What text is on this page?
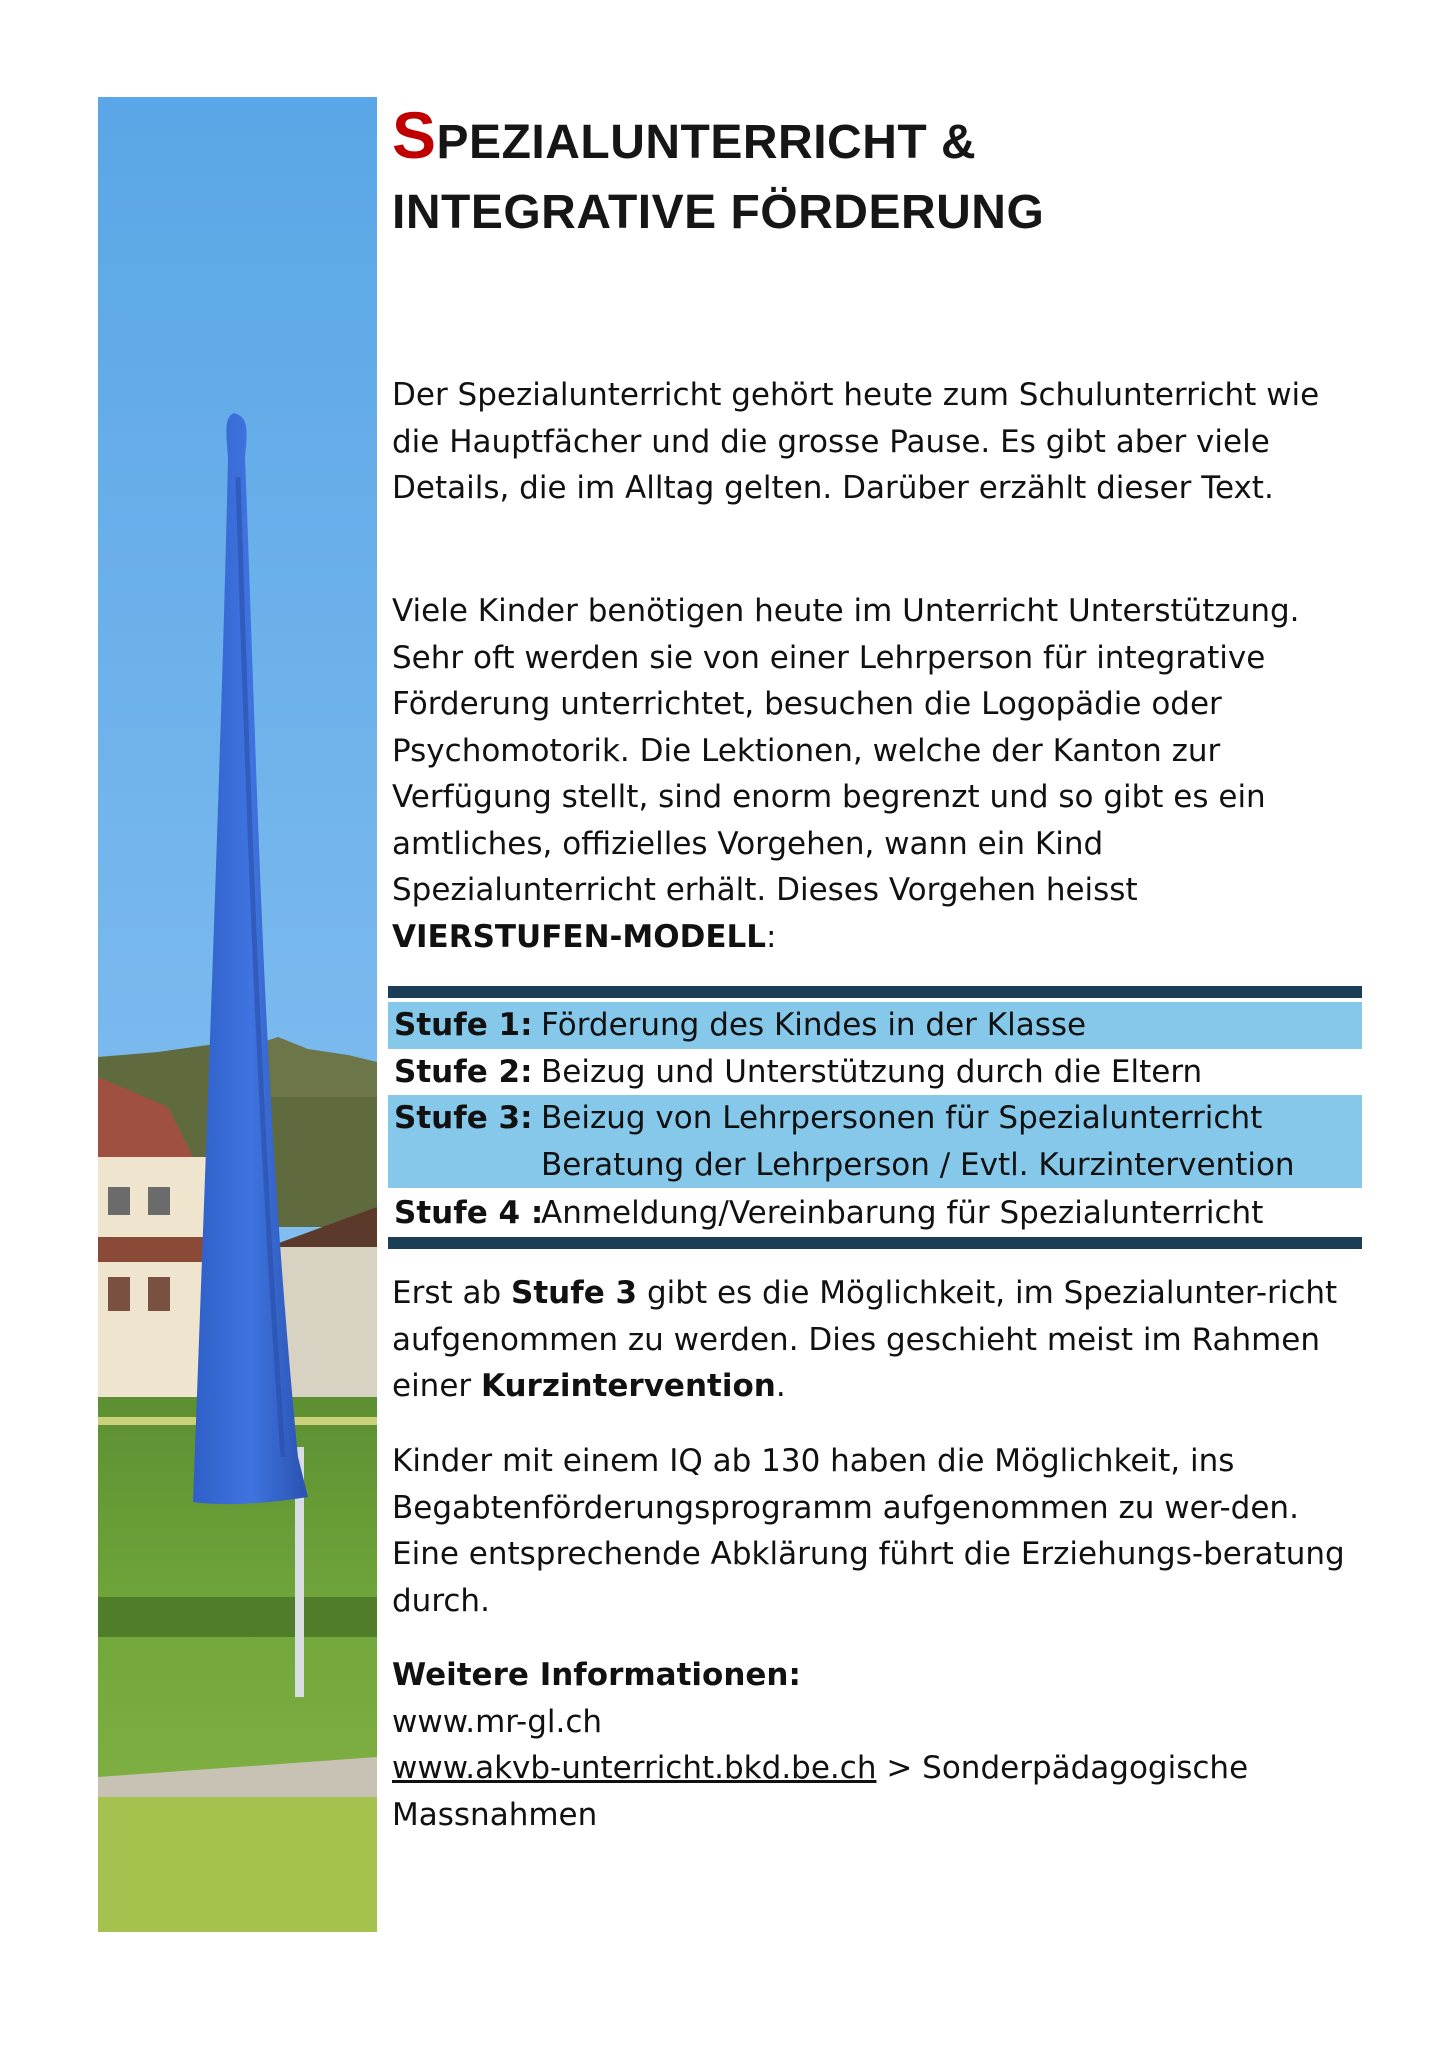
SPEZIALUNTERRICHT &
INTEGRATIVE FÖRDERUNG

Der Spezialunterricht gehört heute zum Schulunterricht wie die Hauptfächer und die grosse Pause. Es gibt aber viele Details, die im Alltag gelten. Darüber erzählt dieser Text.

Viele Kinder benötigen heute im Unterricht Unterstützung. Sehr oft werden sie von einer Lehrperson für integrative Förderung unterrichtet, besuchen die Logopädie oder Psychomotorik. Die Lektionen, welche der Kanton zur Verfügung stellt, sind enorm begrenzt und so gibt es ein amtliches, offizielles Vorgehen, wann ein Kind Spezialunterricht erhält. Dieses Vorgehen heisst VIERSTUFEN-MODELL:

Erst ab Stufe 3 gibt es die Möglichkeit, im Spezialunter-richt aufgenommen zu werden. Dies geschieht meist im Rahmen einer Kurzintervention.

Kinder mit einem IQ ab 130 haben die Möglichkeit, ins Begabtenförderungsprogramm aufgenommen zu wer-den. Eine entsprechende Abklärung führt die Erziehungs-beratung durch.

Weitere Informationen:
www.mr-gl.ch
www.akvb-unterricht.bkd.be.ch > Sonderpädagogische Massnahmen

Stufe 1: Förderung des Kindes in der Klasse
Stufe 2: Beizug und Unterstützung durch die Eltern
Stufe 3: Beizug von Lehrpersonen für Spezialunterricht
Beratung der Lehrperson / Evtl. Kurzintervention
Stufe 4 :
Anmeldung/Vereinbarung für Spezialunterricht
